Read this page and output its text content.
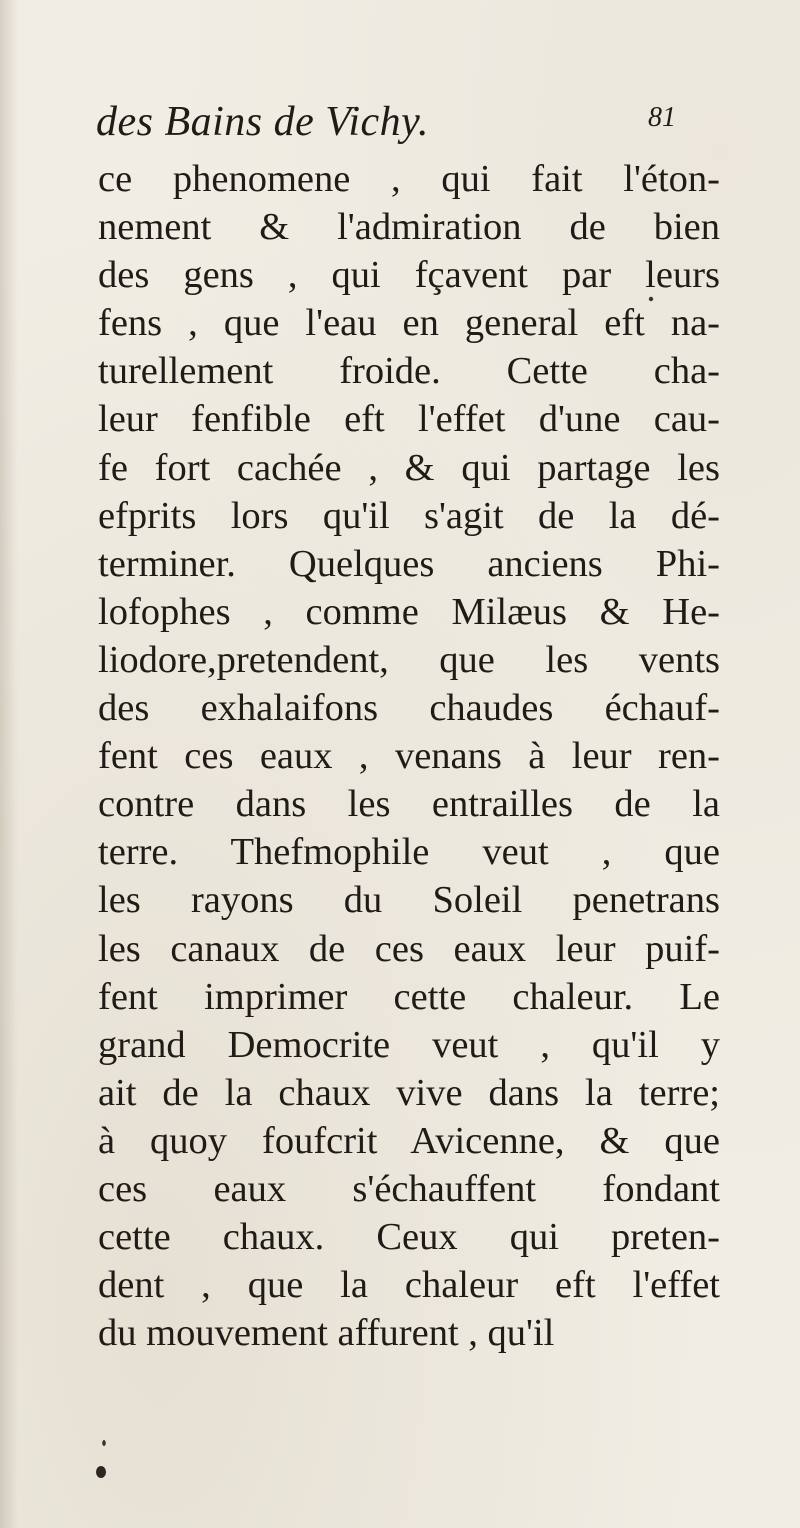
des Bains de Vichy.	81
ce phenomene , qui fait l'éton-
nement & l'admiration de bien
des gens , qui fçavent par leurs
fens , que l'eau en general eft na-
turellement froide. Cette cha-
leur fenfible eft l'effet d'une cau-
fe fort cachée , & qui partage les
efprits lors qu'il s'agit de la dé-
terminer. Quelques anciens Phi-
lofophes , comme Milæus & He-
liodore,pretendent, que les vents
des exhalaifons chaudes échauf-
fent ces eaux , venans à leur ren-
contre dans les entrailles de la
terre. Thefmophile veut , que
les rayons du Soleil penetrans
les canaux de ces eaux leur puif-
fent imprimer cette chaleur. Le
grand Democrite veut , qu'il y
ait de la chaux vive dans la terre;
à quoy foufcrit Avicenne, & que
ces eaux s'échauffent fondant
cette chaux. Ceux qui preten-
dent , que la chaleur eft l'effet
du mouvement affurent , qu'il
